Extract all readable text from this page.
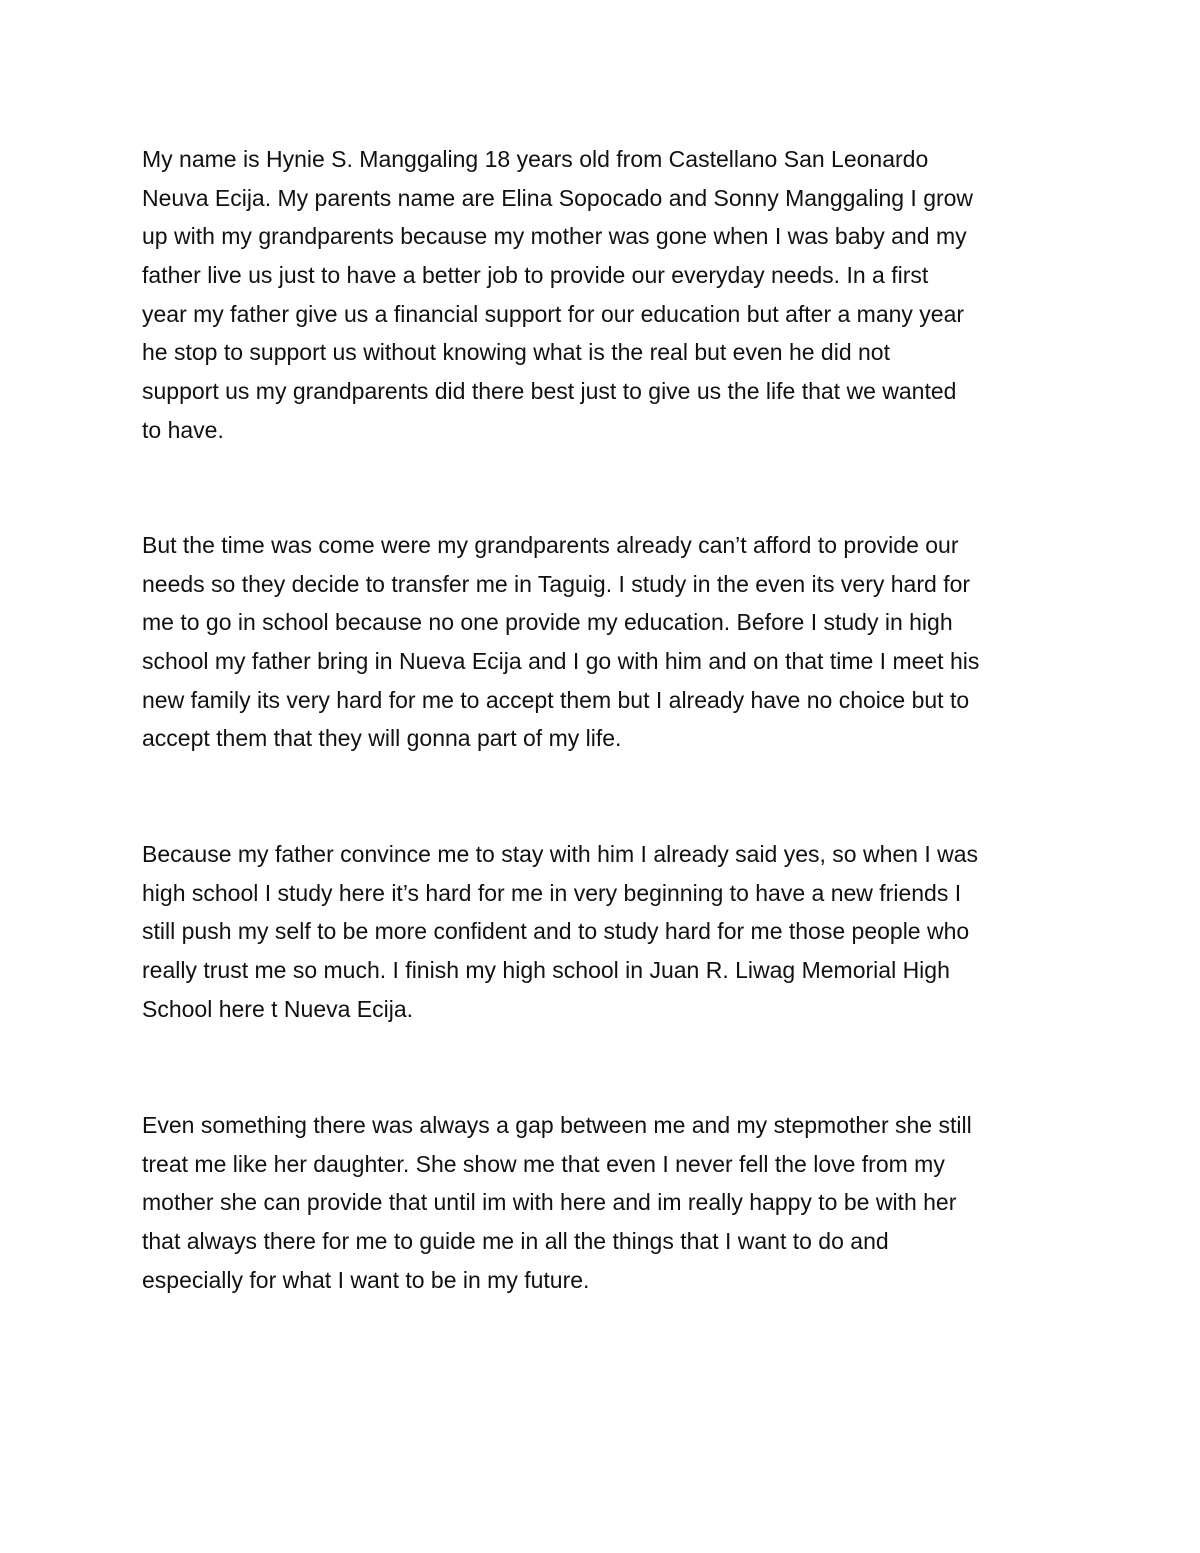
My name is Hynie S. Manggaling 18 years old from Castellano San Leonardo
Neuva Ecija. My parents name are Elina Sopocado and Sonny Manggaling I grow
up with my grandparents because my mother was gone when I was baby and my
father live us just to have a better job to provide our everyday needs. In a first
year my father give us a financial support for our education but after a many year
he stop to support us without knowing what is the real but even he did not
support us my grandparents did there best just to give us the life that we wanted
to have.

But the time was come were my grandparents already can’t afford to provide our
needs so they decide to transfer me in Taguig. I study in the even its very hard for
me to go in school because no one provide my education. Before I study in high
school my father bring in Nueva Ecija and I go with him and on that time I meet his
new family its very hard for me to accept them but I already have no choice but to
accept them that they will gonna part of my life.

Because my father convince me to stay with him I already said yes, so when I was
high school I study here it’s hard for me in very beginning to have a new friends I
still push my self to be more confident and to study hard for me those people who
really trust me so much. I finish my high school in Juan R. Liwag Memorial High
School here t Nueva Ecija.

Even something there was always a gap between me and my stepmother she still
treat me like her daughter. She show me that even I never fell the love from my
mother she can provide that until im with here and im really happy to be with her
that always there for me to guide me in all the things that I want to do and
especially for what I want to be in my future.
